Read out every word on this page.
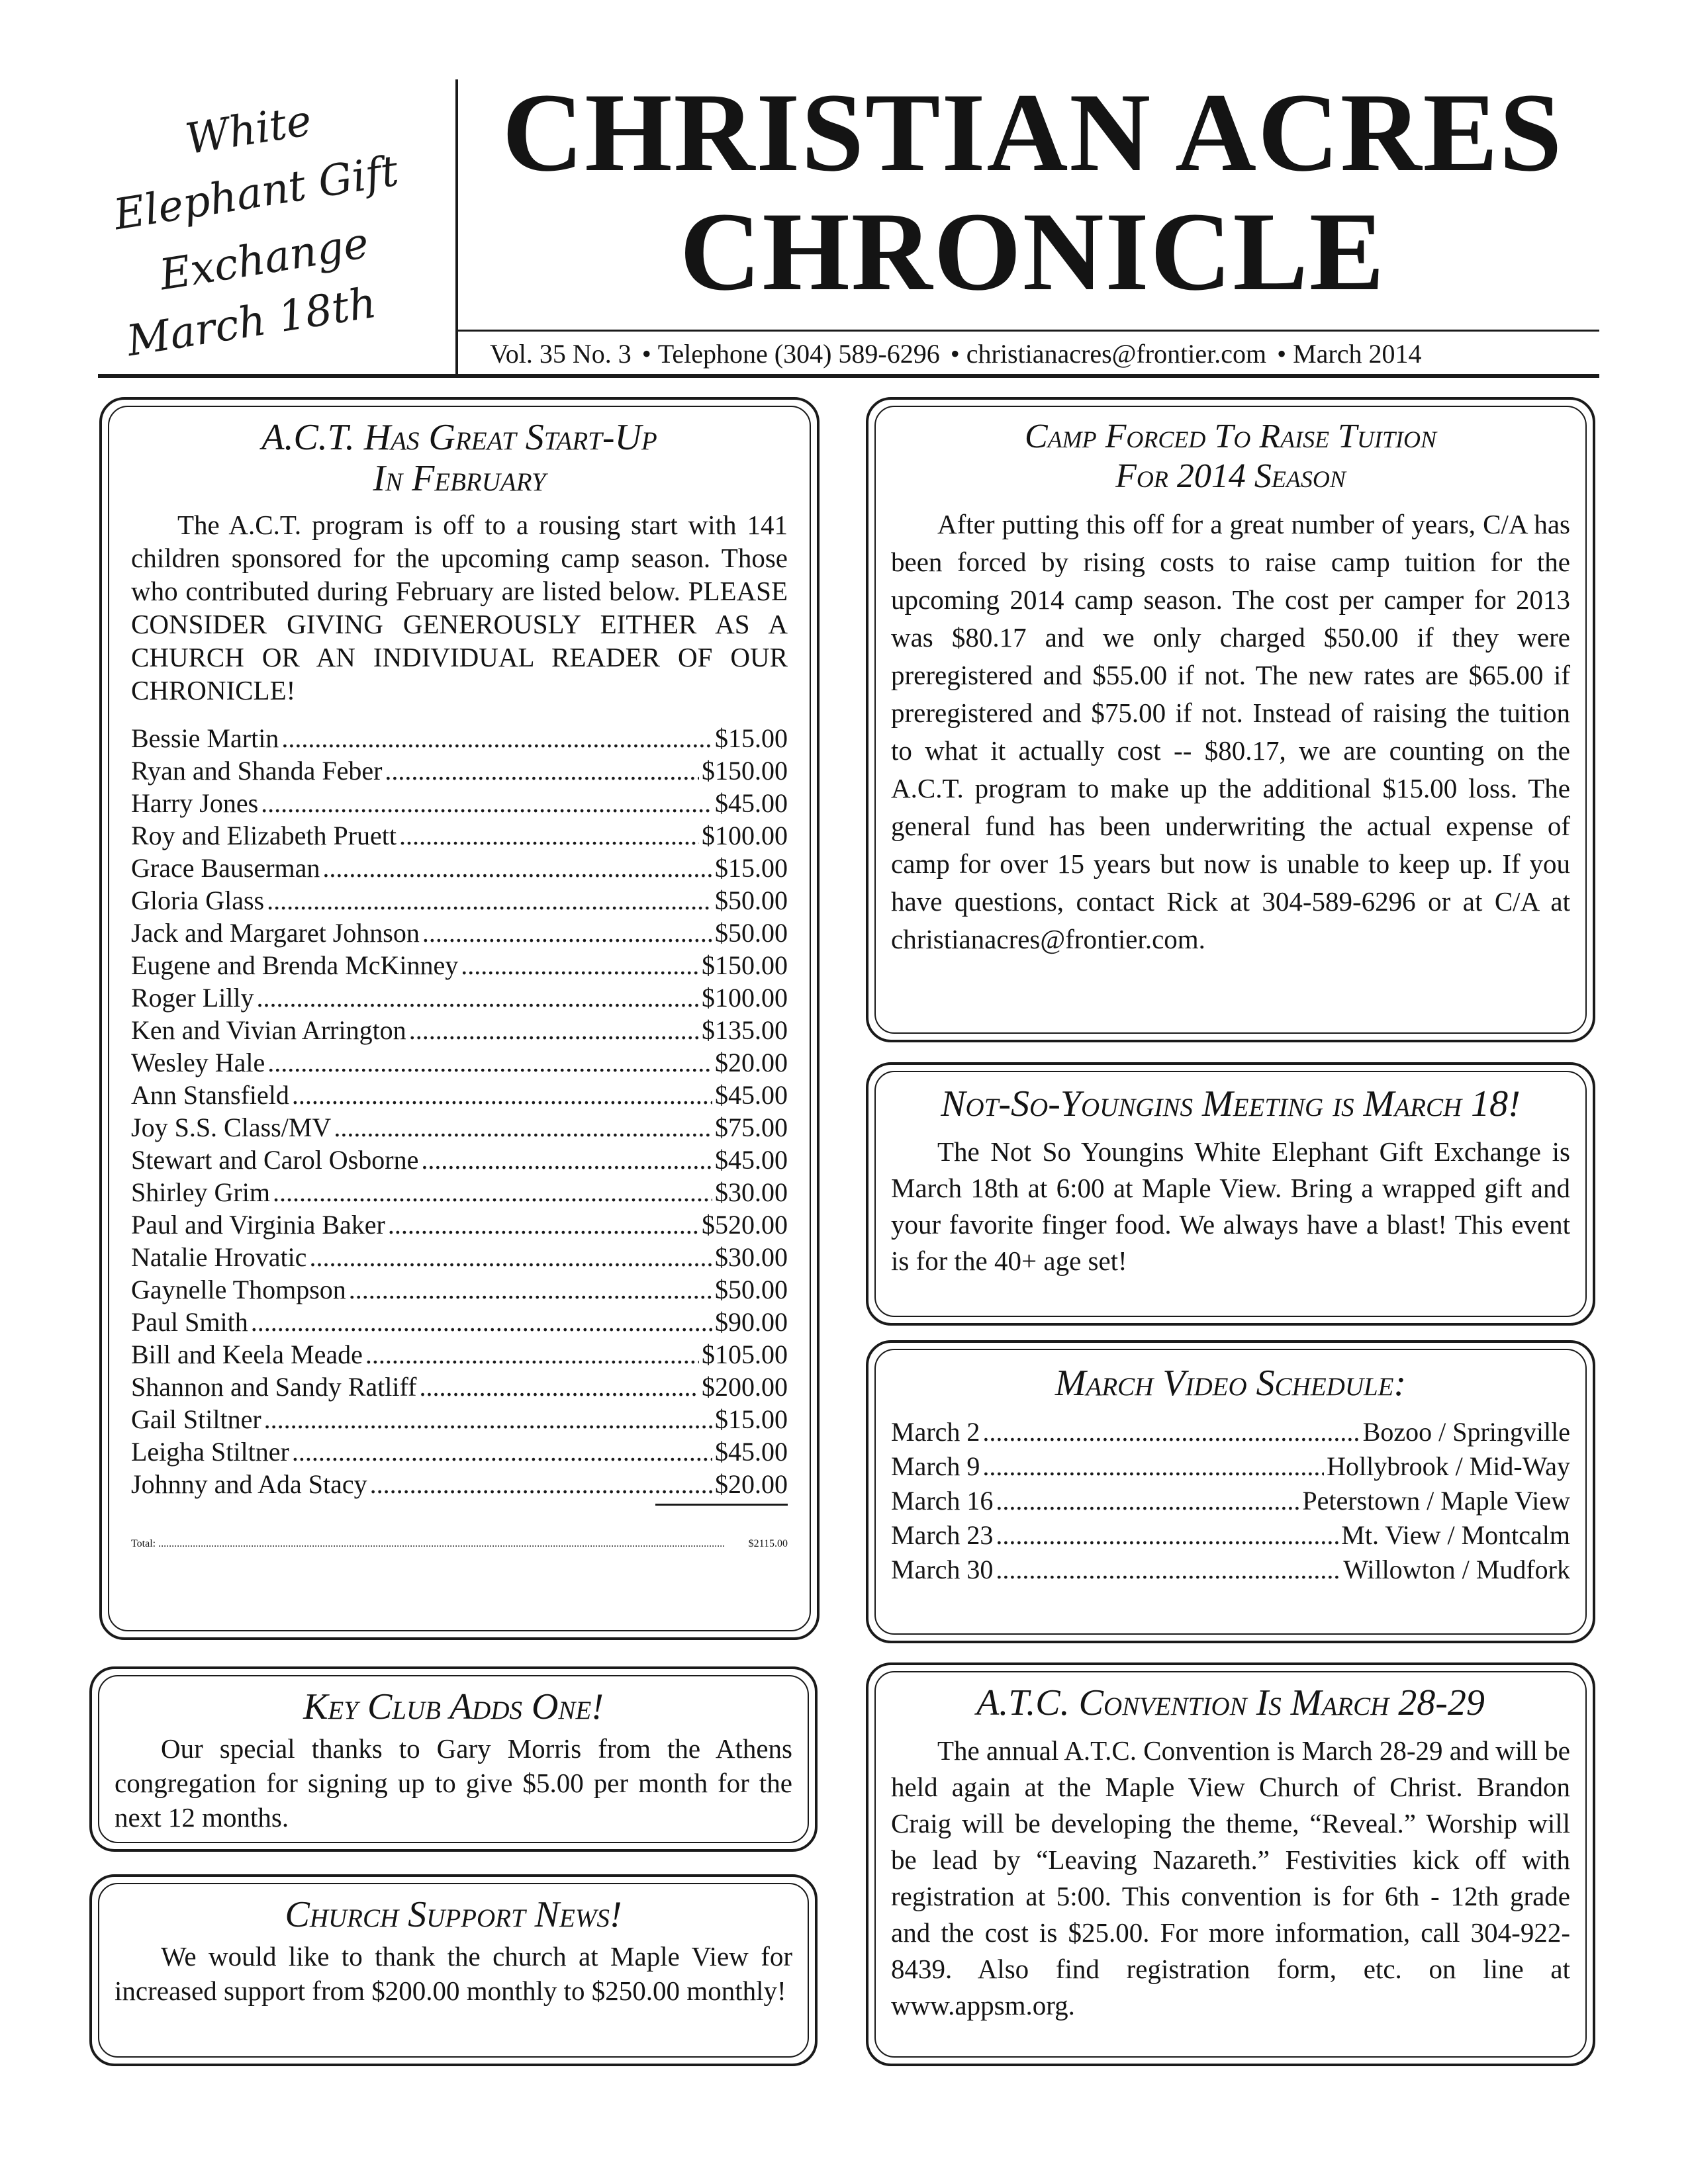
White
Elephant Gift
Exchange
March 18th
CHRISTIAN ACRES
CHRONICLE
Vol. 35 No. 3 • Telephone (304) 589-6296 • christianacres@frontier.com • March 2014
A.C.T. Has Great Start-Up
In February
The A.C.T. program is off to a rousing start with 141 children sponsored for the upcoming camp season. Those who contributed during February are listed below. PLEASE CONSIDER GIVING GENEROUSLY EITHER AS A CHURCH OR AN INDIVIDUAL READER OF OUR CHRONICLE!
Bessie Martin .....	$15.00
Ryan and Shanda Feber .....	$150.00
Harry Jones .....	$45.00
Roy and Elizabeth Pruett .....	$100.00
Grace Bauserman .....	$15.00
Gloria Glass .....	$50.00
Jack and Margaret Johnson .....	$50.00
Eugene and Brenda McKinney .....	$150.00
Roger Lilly .....	$100.00
Ken and Vivian Arrington .....	$135.00
Wesley Hale .....	$20.00
Ann Stansfield .....	$45.00
Joy S.S. Class/MV .....	$75.00
Stewart and Carol Osborne .....	$45.00
Shirley Grim .....	$30.00
Paul and Virginia Baker .....	$520.00
Natalie Hrovatic .....	$30.00
Gaynelle Thompson .....	$50.00
Paul Smith .....	$90.00
Bill and Keela Meade .....	$105.00
Shannon and Sandy Ratliff .....	$200.00
Gail Stiltner .....	$15.00
Leigha Stiltner .....	$45.00
Johnny and Ada Stacy .....	$20.00
Total: .....	$2115.00
Camp Forced To Raise Tuition
For 2014 Season
After putting this off for a great number of years, C/A has been forced by rising costs to raise camp tuition for the upcoming 2014 camp season. The cost per camper for 2013 was $80.17 and we only charged $50.00 if they were preregistered and $55.00 if not. The new rates are $65.00 if preregistered and $75.00 if not. Instead of raising the tuition to what it actually cost -- $80.17, we are counting on the A.C.T. program to make up the additional $15.00 loss. The general fund has been underwriting the actual expense of camp for over 15 years but now is unable to keep up. If you have questions, contact Rick at 304-589-6296 or at C/A at christianacres@frontier.com.
Not-So-Youngins Meeting is March 18!
The Not So Youngins White Elephant Gift Exchange is March 18th at 6:00 at Maple View. Bring a wrapped gift and your favorite finger food. We always have a blast! This event is for the 40+ age set!
March Video Schedule:
March 2 .....	Bozoo / Springville
March 9 .....	Hollybrook / Mid-Way
March 16 .....	Peterstown / Maple View
March 23 .....	Mt. View / Montcalm
March 30 .....	Willowton / Mudfork
Key Club Adds One!
Our special thanks to Gary Morris from the Athens congregation for signing up to give $5.00 per month for the next 12 months.
Church Support News!
We would like to thank the church at Maple View for increased support from $200.00 monthly to $250.00 monthly!
A.T.C. Convention Is March 28-29
The annual A.T.C. Convention is March 28-29 and will be held again at the Maple View Church of Christ. Brandon Craig will be developing the theme, “Reveal.” Worship will be lead by “Leaving Nazareth.” Festivities kick off with registration at 5:00. This convention is for 6th - 12th grade and the cost is $25.00. For more information, call 304-922-8439. Also find registration form, etc. on line at www.appsm.org.
